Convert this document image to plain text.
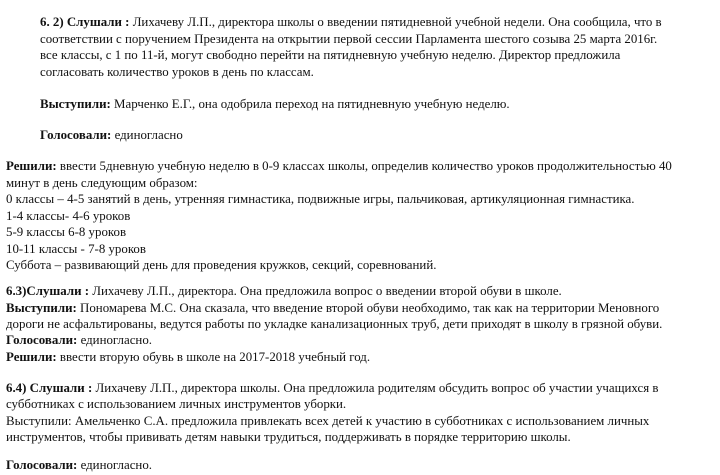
6. 2) Слушали : Лихачеву Л.П., директора школы о введении пятидневной учебной недели. Она сообщила, что в
соответствии с поручением Президента на открытии первой сессии Парламента шестого созыва 25 марта 2016г.
все классы, с 1 по 11-й, могут свободно перейти на пятидневную учебную неделю. Директор предложила
согласовать количество уроков в день по классам.
Выступили: Марченко Е.Г., она одобрила переход на пятидневную учебную неделю.
Голосовали: единогласно
Решили: ввести 5дневную учебную неделю в 0-9 классах школы, определив количество уроков продолжительностью 40
минут в день следующим образом:
0 классы – 4-5 занятий в день, утренняя гимнастика, подвижные игры, пальчиковая, артикуляционная гимнастика.
1-4 классы- 4-6 уроков
5-9 классы 6-8 уроков
10-11 классы - 7-8 уроков
Суббота – развивающий день для проведения кружков, секций, соревнований.
6.3)Слушали : Лихачеву Л.П., директора. Она предложила вопрос о введении второй обуви в школе.
Выступили: Пономарева М.С. Она сказала, что введение второй обуви необходимо, так как на территории Меновного
дороги не асфальтированы, ведутся работы по укладке канализационных труб, дети приходят в школу в грязной обуви.
Голосовали: единогласно.
Решили: ввести вторую обувь в школе на 2017-2018 учебный год.
6.4) Слушали : Лихачеву Л.П., директора школы. Она предложила родителям обсудить вопрос об участии учащихся в
субботниках с использованием личных инструментов уборки.
Выступили: Амельченко С.А. предложила привлекать всех детей к участию в субботниках с использованием личных
инструментов, чтобы прививать детям навыки трудиться, поддерживать в порядке территорию школы.
Голосовали: единогласно.
